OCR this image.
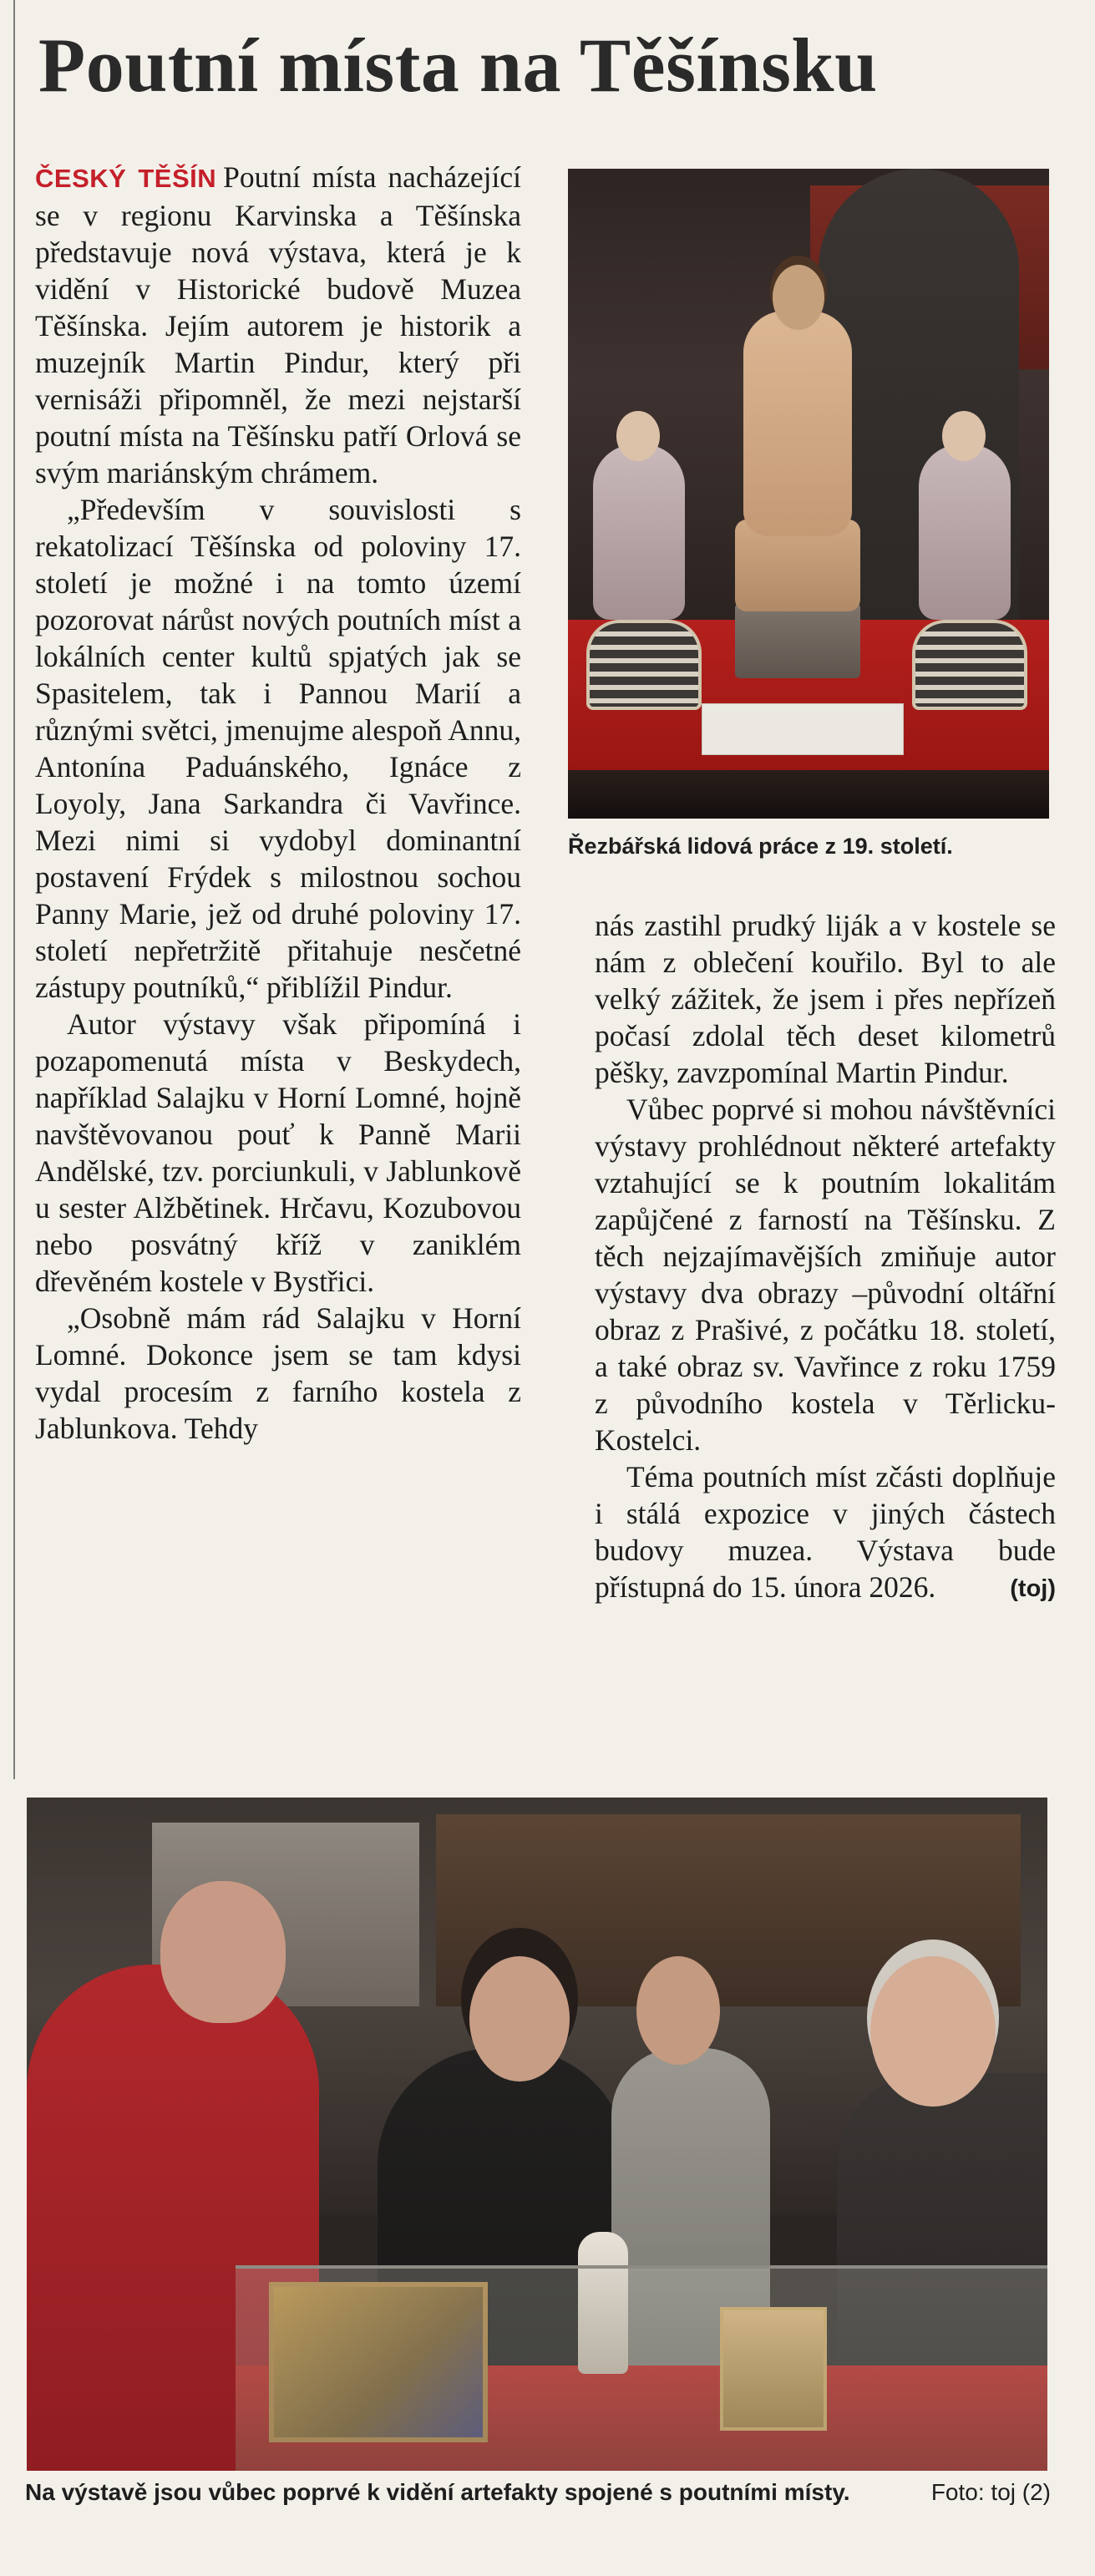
Poutní místa na Těšínsku

ČESKÝ TĚŠÍN Poutní místa nacházející se v regionu Karvinska a Těšínska představuje nová výstava, která je k vidění v Historické budově Muzea Těšínska. Jejím autorem je historik a muzejník Martin Pindur, který při vernisáži připomněl, že mezi nejstarší poutní místa na Těšínsku patří Orlová se svým mariánským chrámem.

„Především v souvislosti s rekatolizací Těšínska od poloviny 17. století je možné i na tomto území pozorovat nárůst nových poutních míst a lokálních center kultů spjatých jak se Spasitelem, tak i Pannou Marií a různými světci, jmenujme alespoň Annu, Antonína Paduánského, Ignáce z Loyoly, Jana Sarkandra či Vavřince. Mezi nimi si vydobyl dominantní postavení Frýdek s milostnou sochou Panny Marie, jež od druhé poloviny 17. století nepřetržitě přitahuje nesčetné zástupy poutníků,“ přiblížil Pindur.

Autor výstavy však připomíná i pozapomenutá místa v Beskydech, například Salajku v Horní Lomné, hojně navštěvovanou pouť k Panně Marii Andělské, tzv. porciunkuli, v Jablunkově u sester Alžbětinek. Hrčavu, Kozubovou nebo posvátný kříž v zaniklém dřevěném kostele v Bystřici.

„Osobně mám rád Salajku v Horní Lomné. Dokonce jsem se tam kdysi vydal procesím z farního kostela z Jablunkova. Tehdy

Řezbářská lidová práce z 19. století.

nás zastihl prudký liják a v kostele se nám z oblečení kouřilo. Byl to ale velký zážitek, že jsem i přes nepřízeň počasí zdolal těch deset kilometrů pěšky, zavzpomínal Martin Pindur.

Vůbec poprvé si mohou návštěvníci výstavy prohlédnout některé artefakty vztahující se k poutním lokalitám zapůjčené z farností na Těšínsku. Z těch nejzajímavějších zmiňuje autor výstavy dva obrazy –původní oltářní obraz z Prašivé, z počátku 18. století, a také obraz sv. Vavřince z roku 1759 z původního kostela v Těrlicku-Kostelci.

Téma poutních míst zčásti doplňuje i stálá expozice v jiných částech budovy muzea. Výstava bude přístupná do 15. února 2026.	(toj)

Na výstavě jsou vůbec poprvé k vidění artefakty spojené s poutními místy.	Foto: toj (2)
